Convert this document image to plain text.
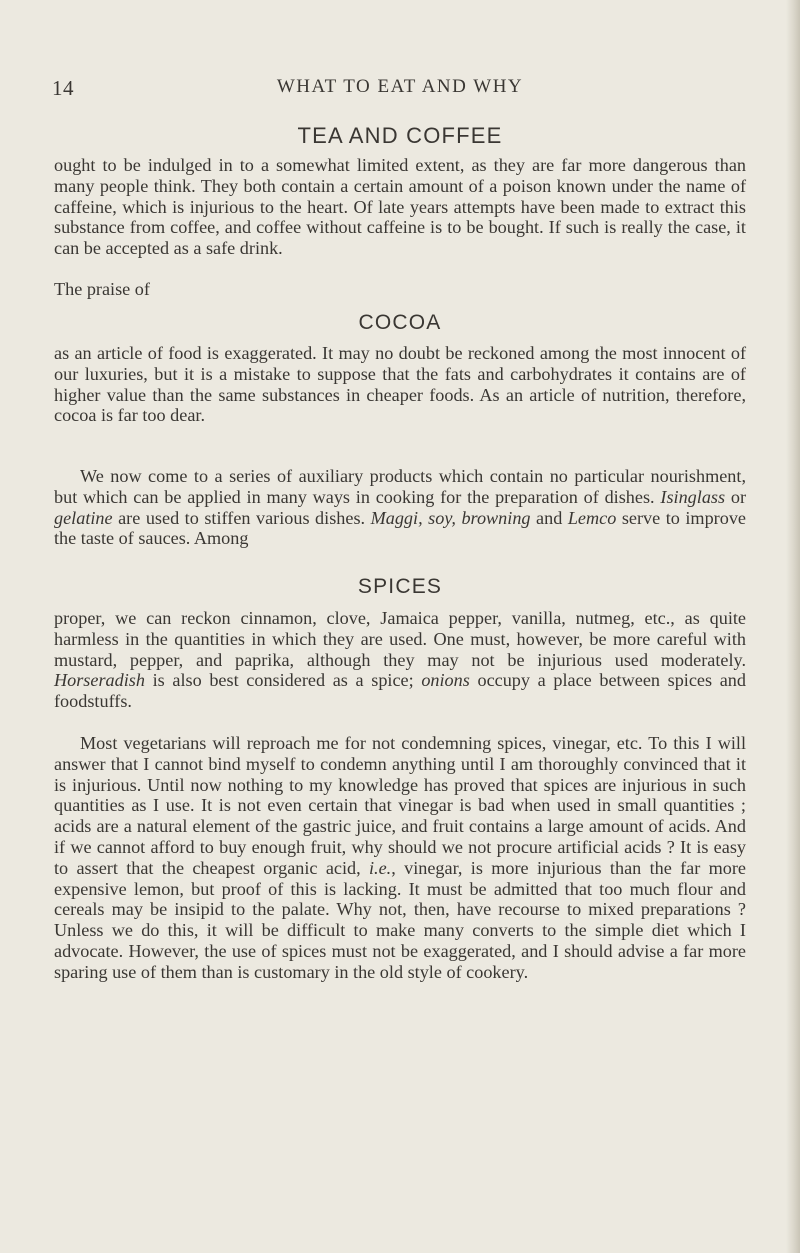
14	WHAT TO EAT AND WHY
TEA AND COFFEE
ought to be indulged in to a somewhat limited extent, as they are far more dangerous than many people think. They both contain a certain amount of a poison known under the name of caffeine, which is injurious to the heart. Of late years attempts have been made to extract this substance from coffee, and coffee without caffeine is to be bought. If such is really the case, it can be accepted as a safe drink.
The praise of
COCOA
as an article of food is exaggerated. It may no doubt be reckoned among the most innocent of our luxuries, but it is a mistake to suppose that the fats and carbohydrates it contains are of higher value than the same substances in cheaper foods. As an article of nutrition, therefore, cocoa is far too dear.
We now come to a series of auxiliary products which contain no particular nourishment, but which can be applied in many ways in cooking for the preparation of dishes. Isinglass or gelatine are used to stiffen various dishes. Maggi, soy, browning and Lemco serve to improve the taste of sauces. Among
SPICES
proper, we can reckon cinnamon, clove, Jamaica pepper, vanilla, nutmeg, etc., as quite harmless in the quantities in which they are used. One must, however, be more careful with mustard, pepper, and paprika, although they may not be injurious used moderately. Horseradish is also best considered as a spice; onions occupy a place between spices and foodstuffs.
Most vegetarians will reproach me for not condemning spices, vinegar, etc. To this I will answer that I cannot bind myself to condemn anything until I am thoroughly convinced that it is injurious. Until now nothing to my knowledge has proved that spices are injurious in such quantities as I use. It is not even certain that vinegar is bad when used in small quantities ; acids are a natural element of the gastric juice, and fruit contains a large amount of acids. And if we cannot afford to buy enough fruit, why should we not procure artificial acids ? It is easy to assert that the cheapest organic acid, i.e., vinegar, is more injurious than the far more expensive lemon, but proof of this is lacking. It must be admitted that too much flour and cereals may be insipid to the palate. Why not, then, have recourse to mixed preparations ? Unless we do this, it will be difficult to make many converts to the simple diet which I advocate. However, the use of spices must not be exaggerated, and I should advise a far more sparing use of them than is customary in the old style of cookery.
